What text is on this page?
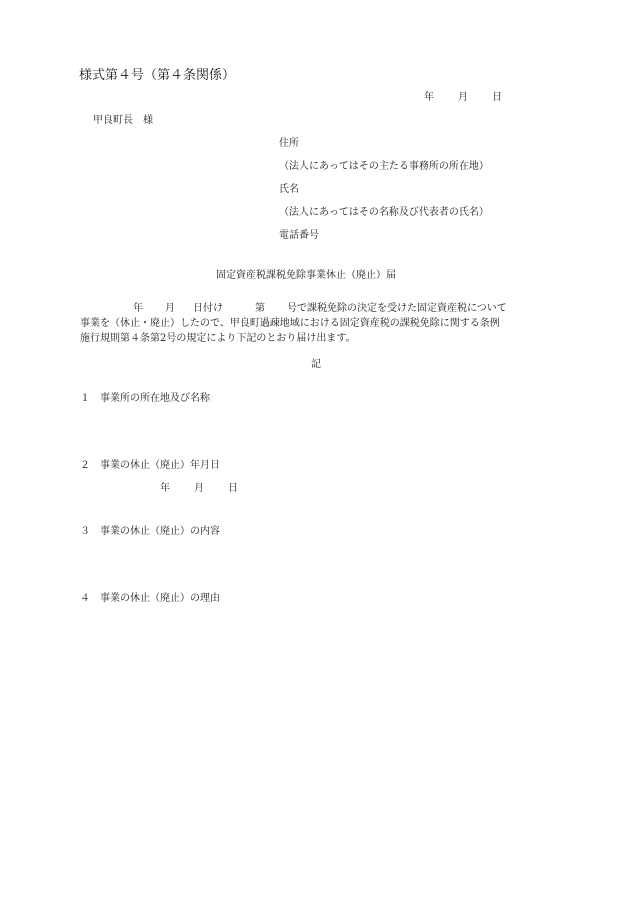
様式第４号（第４条関係）
年 月 日
甲良町長　様
住所
（法人にあってはその主たる事務所の所在地）
氏名
（法人にあってはその名称及び代表者の氏名）
電話番号
固定資産税課税免除事業休止（廃止）届
年 月 日付け	第 号で課税免除の決定を受けた固定資産税について
事業を（休止・廃止）したので、甲良町過疎地域における固定資産税の課税免除に関する条例
施行規則第４条第2号の規定により下記のとおり届け出ます。
記
１ 事業所の所在地及び名称
２ 事業の休止（廃止）年月日
年 月 日
３ 事業の休止（廃止）の内容
４ 事業の休止（廃止）の理由
